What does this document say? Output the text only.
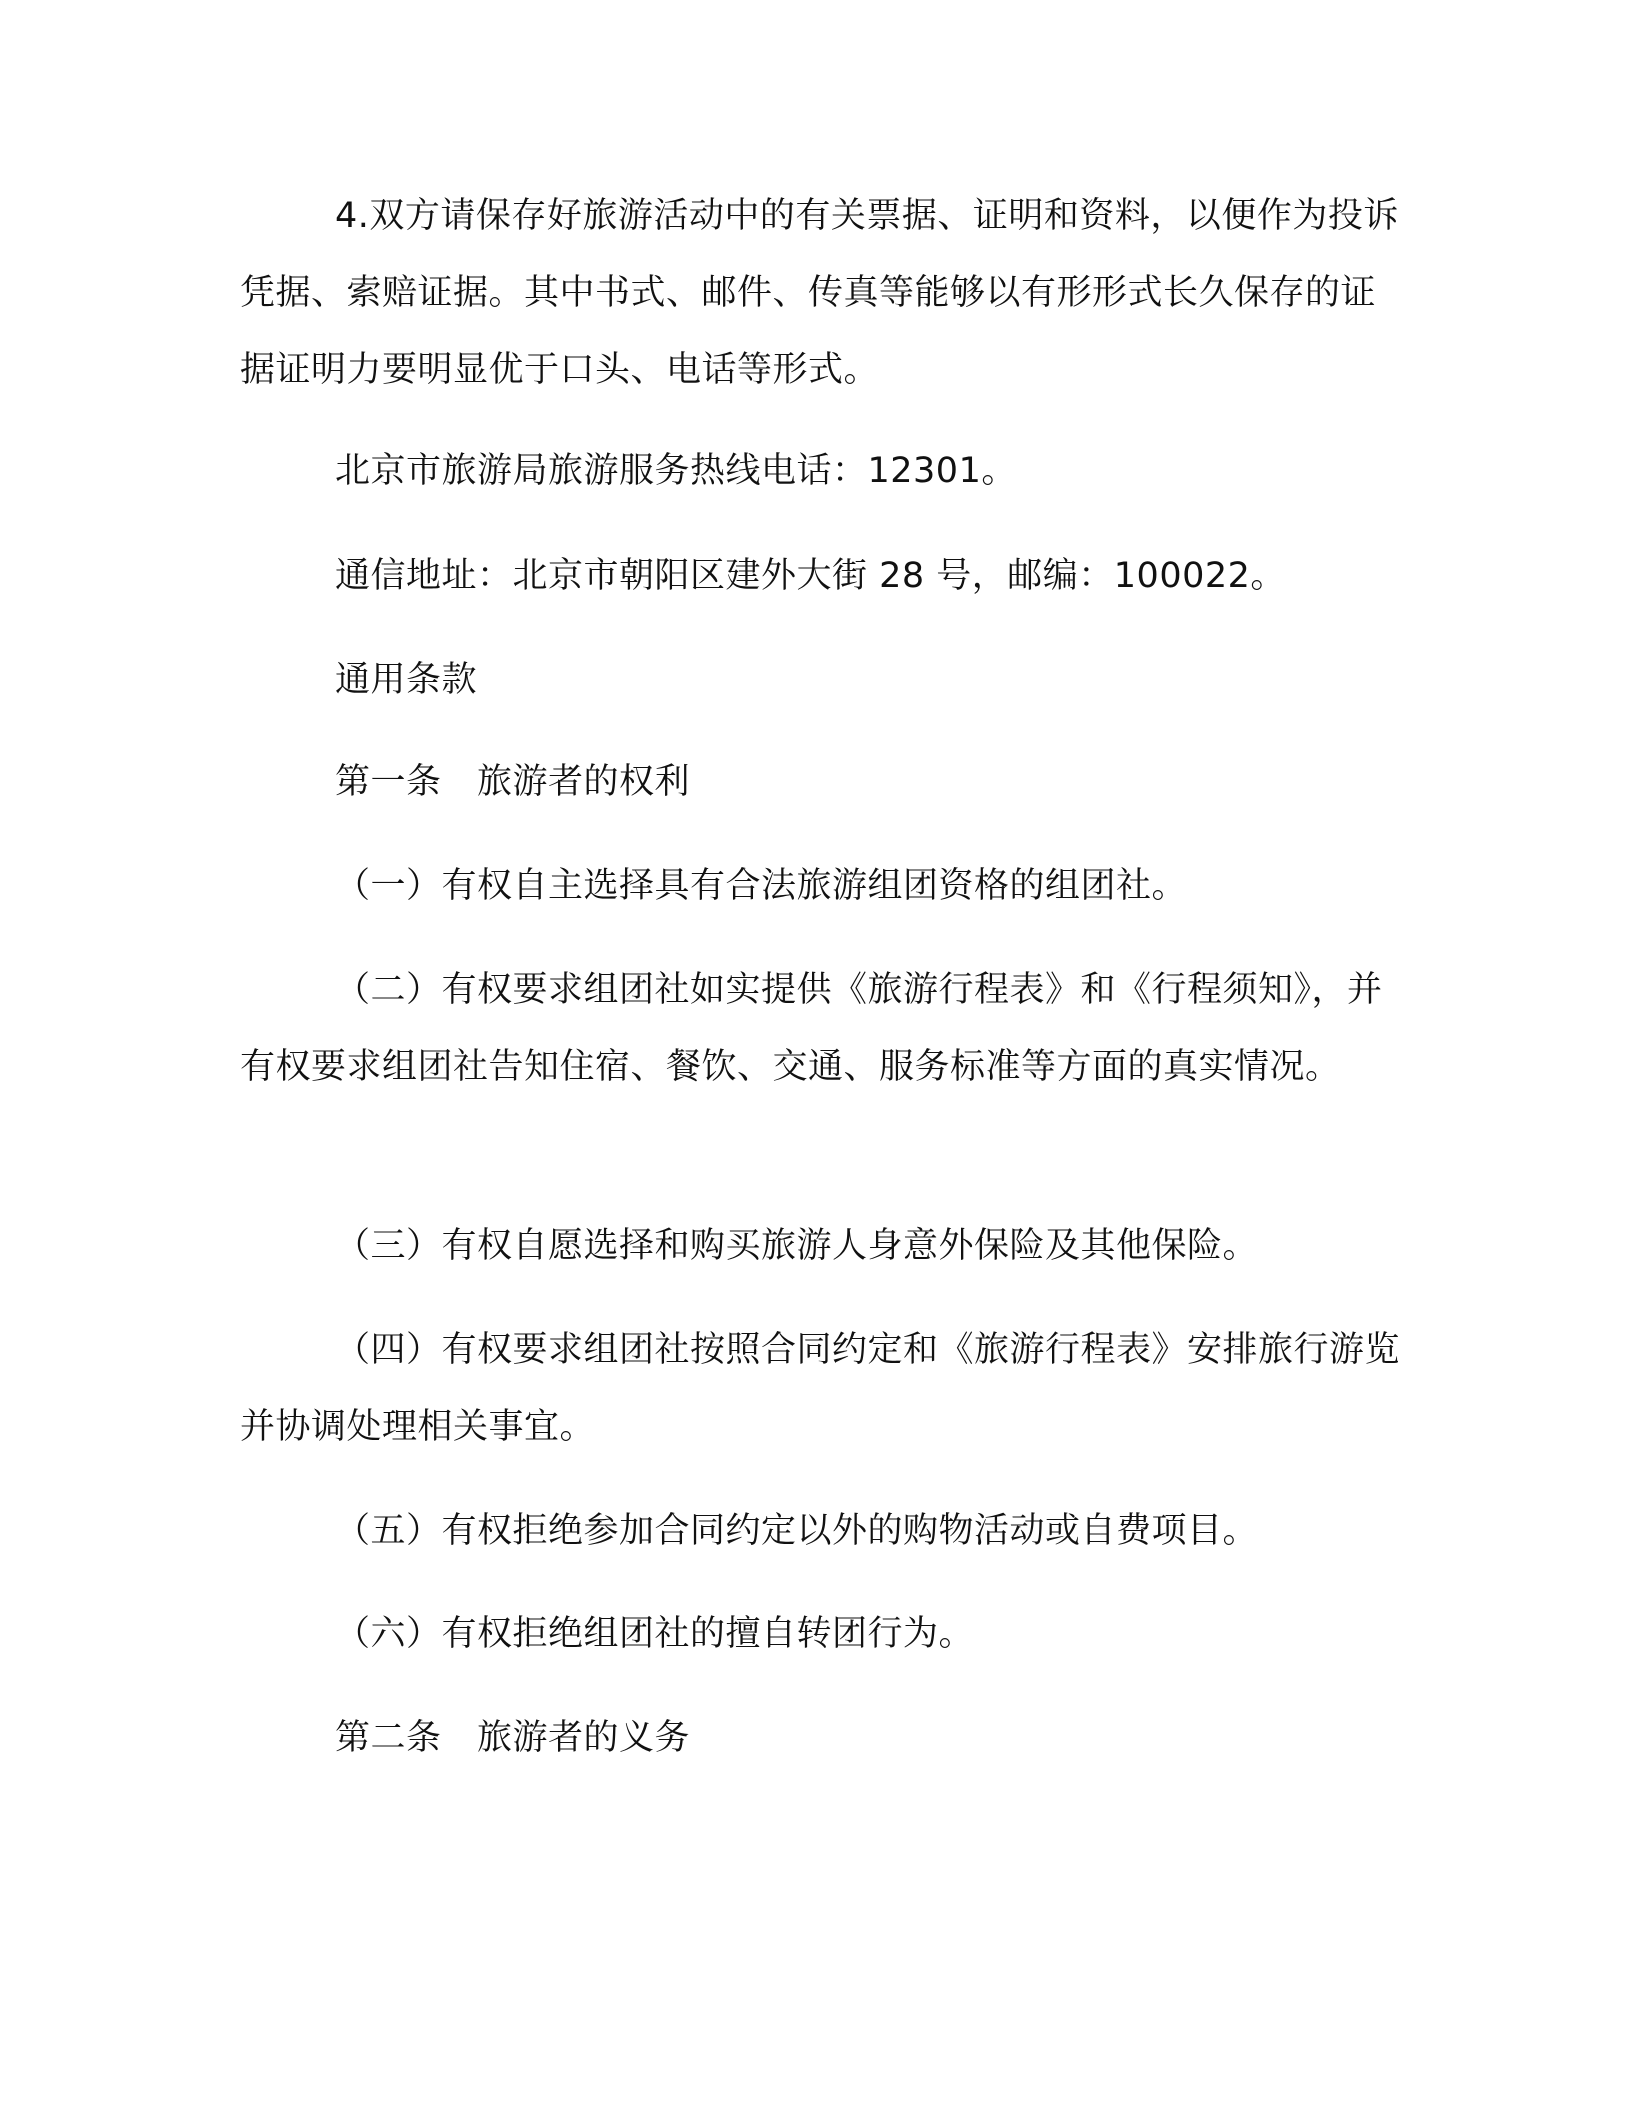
4.双方请保存好旅游活动中的有关票据、证明和资料，以便作为投诉凭据、索赔证据。其中书式、邮件、传真等能够以有形形式长久保存的证据证明力要明显优于口头、电话等形式。

北京市旅游局旅游服务热线电话：12301。

通信地址：北京市朝阳区建外大街 28 号，邮编：100022。

通用条款

第一条　旅游者的权利

（一）有权自主选择具有合法旅游组团资格的组团社。

（二）有权要求组团社如实提供《旅游行程表》和《行程须知》，并有权要求组团社告知住宿、餐饮、交通、服务标准等方面的真实情况。

（三）有权自愿选择和购买旅游人身意外保险及其他保险。

（四）有权要求组团社按照合同约定和《旅游行程表》安排旅行游览并协调处理相关事宜。

（五）有权拒绝参加合同约定以外的购物活动或自费项目。

（六）有权拒绝组团社的擅自转团行为。

第二条　旅游者的义务
